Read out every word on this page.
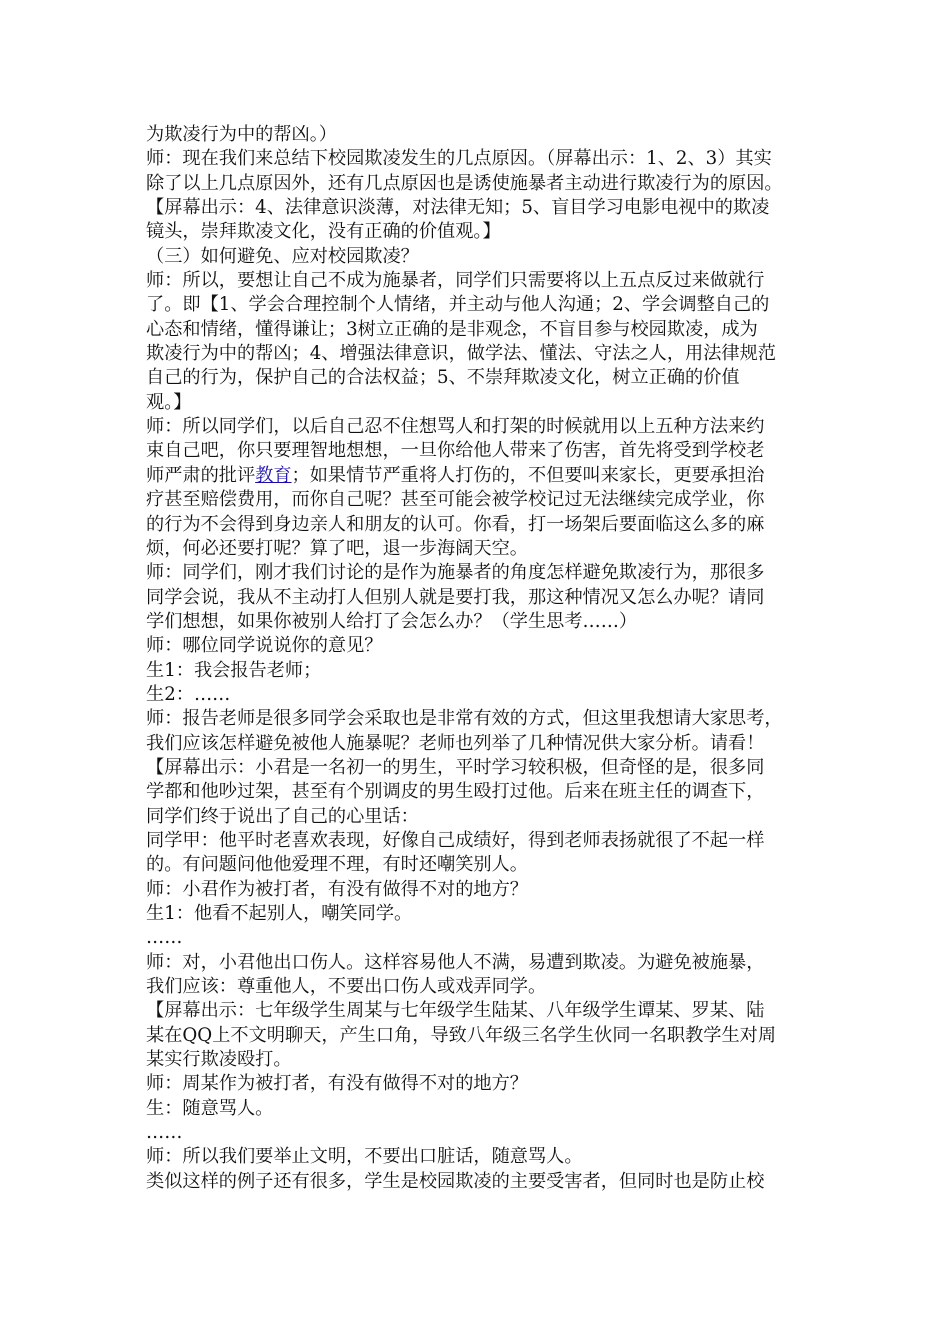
为欺凌行为中的帮凶。）
师：现在我们来总结下校园欺凌发生的几点原因。（屏幕出示：1、2、3）其实
除了以上几点原因外，还有几点原因也是诱使施暴者主动进行欺凌行为的原因。
【屏幕出示：4、法律意识淡薄，对法律无知；5、盲目学习电影电视中的欺凌
镜头，崇拜欺凌文化，没有正确的价值观。】
（三）如何避免、应对校园欺凌？
师：所以，要想让自己不成为施暴者，同学们只需要将以上五点反过来做就行
了。即【1、学会合理控制个人情绪，并主动与他人沟通；2、学会调整自己的
心态和情绪，懂得谦让；3树立正确的是非观念，不盲目参与校园欺凌，成为
欺凌行为中的帮凶；4、增强法律意识，做学法、懂法、守法之人，用法律规范
自己的行为，保护自己的合法权益；5、不崇拜欺凌文化，树立正确的价值
观。】
师：所以同学们，以后自己忍不住想骂人和打架的时候就用以上五种方法来约
束自己吧，你只要理智地想想，一旦你给他人带来了伤害，首先将受到学校老
师严肃的批评教育；如果情节严重将人打伤的，不但要叫来家长，更要承担治
疗甚至赔偿费用，而你自己呢？甚至可能会被学校记过无法继续完成学业，你
的行为不会得到身边亲人和朋友的认可。你看，打一场架后要面临这么多的麻
烦，何必还要打呢？算了吧，退一步海阔天空。
师：同学们，刚才我们讨论的是作为施暴者的角度怎样避免欺凌行为，那很多
同学会说，我从不主动打人但别人就是要打我，那这种情况又怎么办呢？请同
学们想想，如果你被别人给打了会怎么办？（学生思考……）
师：哪位同学说说你的意见？
生1：我会报告老师；
生2：……
师：报告老师是很多同学会采取也是非常有效的方式，但这里我想请大家思考，
我们应该怎样避免被他人施暴呢？老师也列举了几种情况供大家分析。请看！
【屏幕出示：小君是一名初一的男生，平时学习较积极，但奇怪的是，很多同
学都和他吵过架，甚至有个别调皮的男生殴打过他。后来在班主任的调查下，
同学们终于说出了自己的心里话：
同学甲：他平时老喜欢表现，好像自己成绩好，得到老师表扬就很了不起一样
的。有问题问他他爱理不理，有时还嘲笑别人。
师：小君作为被打者，有没有做得不对的地方？
生1：他看不起别人，嘲笑同学。
……
师：对，小君他出口伤人。这样容易他人不满，易遭到欺凌。为避免被施暴，
我们应该：尊重他人，不要出口伤人或戏弄同学。
【屏幕出示：七年级学生周某与七年级学生陆某、八年级学生谭某、罗某、陆
某在QQ上不文明聊天，产生口角，导致八年级三名学生伙同一名职教学生对周
某实行欺凌殴打。
师：周某作为被打者，有没有做得不对的地方？
生：随意骂人。
……
师：所以我们要举止文明，不要出口脏话，随意骂人。
类似这样的例子还有很多，学生是校园欺凌的主要受害者，但同时也是防止校
